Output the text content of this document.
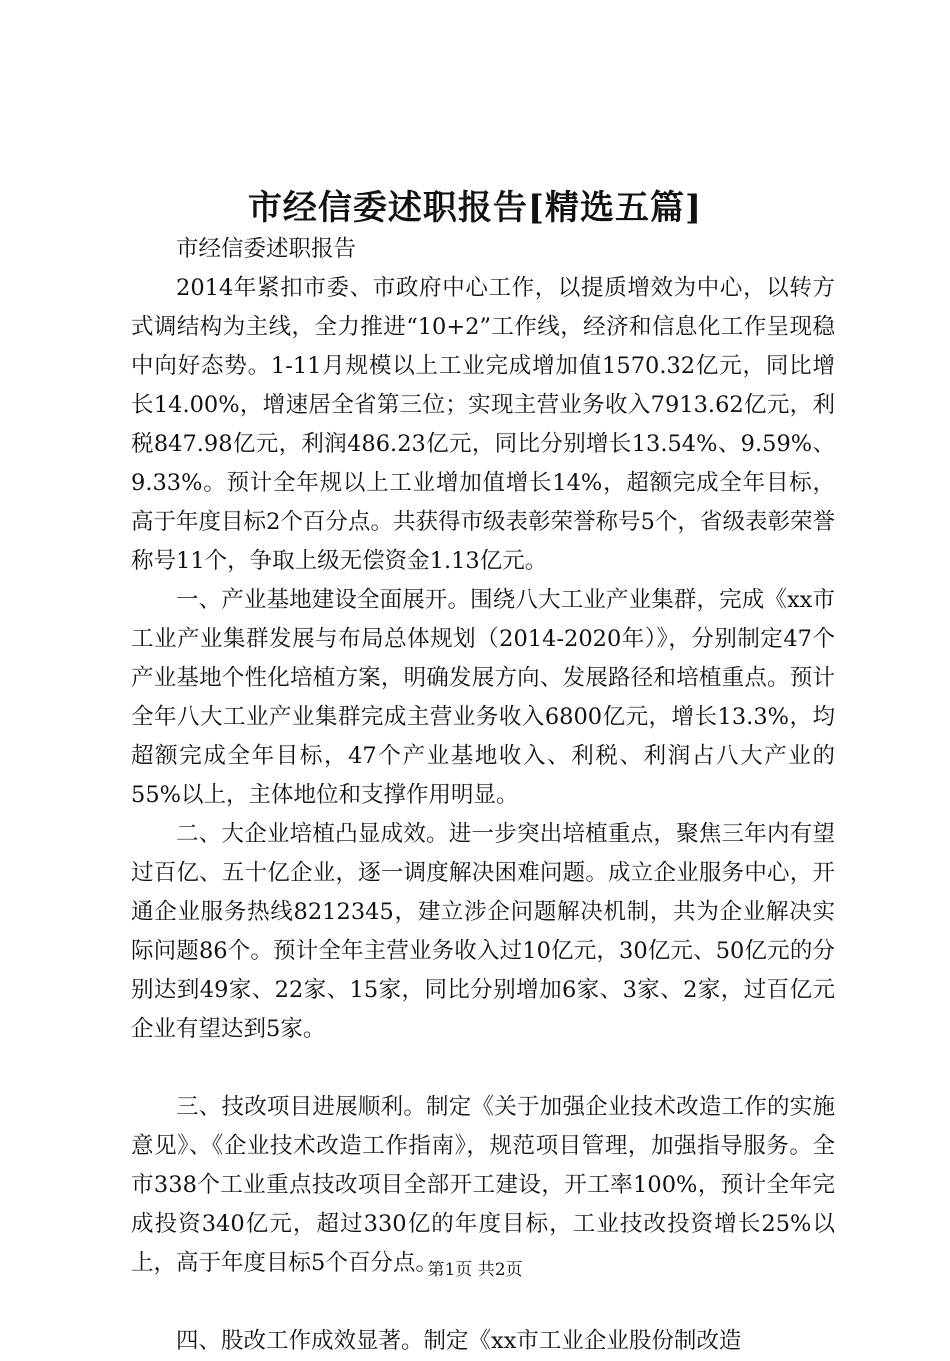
市经信委述职报告[精选五篇]

市经信委述职报告

2014年紧扣市委、市政府中心工作，以提质增效为中心，以转方式调结构为主线，全力推进“10+2”工作线，经济和信息化工作呈现稳中向好态势。1-11月规模以上工业完成增加值1570.32亿元，同比增长14.00%，增速居全省第三位；实现主营业务收入7913.62亿元，利税847.98亿元，利润486.23亿元，同比分别增长13.54%、9.59%、9.33%。预计全年规以上工业增加值增长14%，超额完成全年目标，高于年度目标2个百分点。共获得市级表彰荣誉称号5个，省级表彰荣誉称号11个，争取上级无偿资金1.13亿元。

一、产业基地建设全面展开。围绕八大工业产业集群，完成《xx市工业产业集群发展与布局总体规划（2014-2020年）》，分别制定47个产业基地个性化培植方案，明确发展方向、发展路径和培植重点。预计全年八大工业产业集群完成主营业务收入6800亿元，增长13.3%，均超额完成全年目标，47个产业基地收入、利税、利润占八大产业的55%以上，主体地位和支撑作用明显。

二、大企业培植凸显成效。进一步突出培植重点，聚焦三年内有望过百亿、五十亿企业，逐一调度解决困难问题。成立企业服务中心，开通企业服务热线8212345，建立涉企问题解决机制，共为企业解决实际问题86个。预计全年主营业务收入过10亿元，30亿元、50亿元的分别达到49家、22家、15家，同比分别增加6家、3家、2家，过百亿元企业有望达到5家。

三、技改项目进展顺利。制定《关于加强企业技术改造工作的实施意见》、《企业技术改造工作指南》，规范项目管理，加强指导服务。全市338个工业重点技改项目全部开工建设，开工率100%，预计全年完成投资340亿元，超过330亿的年度目标，工业技改投资增长25%以上，高于年度目标5个百分点。

四、股改工作成效显著。制定《xx市工业企业股份制改造

第1页 共2页
